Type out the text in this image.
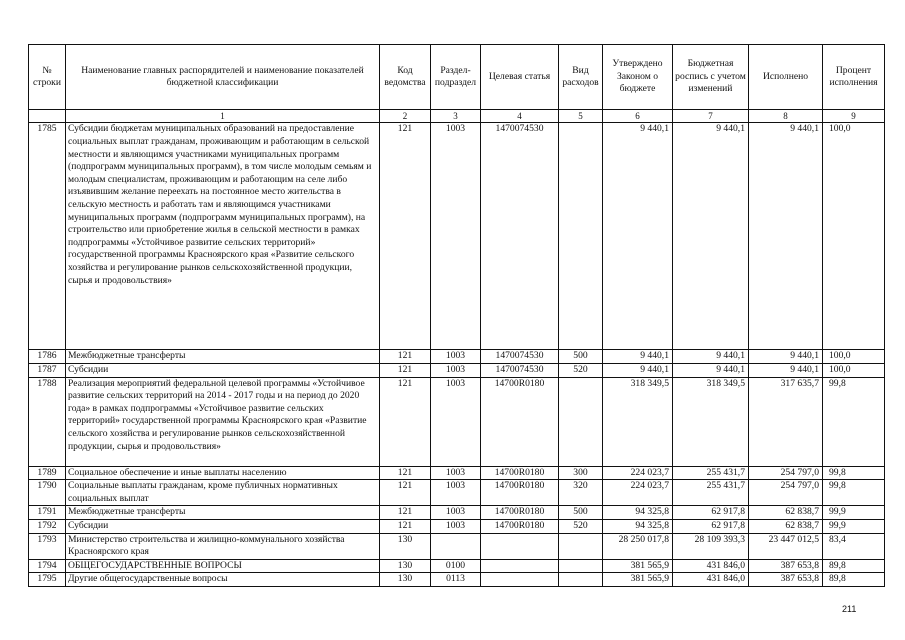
№ строки	Наименование главных распорядителей и наименование показателей бюджетной классификации	Код ведомства	Раздел-подраздел	Целевая статья	Вид расходов	Утверждено Законом о бюджете	Бюджетная роспись с учетом изменений	Исполнено	Процент исполнения
	1	2	3	4	5	6	7	8	9
1785	Субсидии бюджетам муниципальных образований на предоставление социальных выплат гражданам, проживающим и работающим в сельской местности и являющимся участниками муниципальных программ (подпрограмм муниципальных программ), в том числе молодым семьям и молодым специалистам, проживающим и работающим на селе либо изъявившим желание переехать на постоянное место жительства в сельскую местность и работать там и являющимся участниками муниципальных программ (подпрограмм муниципальных программ), на строительство или приобретение жилья в сельской местности в рамках подпрограммы «Устойчивое развитие сельских территорий» государственной программы Красноярского края «Развитие сельского хозяйства и регулирование рынков сельскохозяйственной продукции, сырья и продовольствия»	121	1003	1470074530		9 440,1	9 440,1	9 440,1	100,0
1786	Межбюджетные трансферты	121	1003	1470074530	500	9 440,1	9 440,1	9 440,1	100,0
1787	Субсидии	121	1003	1470074530	520	9 440,1	9 440,1	9 440,1	100,0
1788	Реализация мероприятий федеральной целевой программы «Устойчивое развитие сельских территорий на 2014 - 2017 годы и на период до 2020 года» в рамках подпрограммы «Устойчивое развитие сельских территорий» государственной программы Красноярского края «Развитие сельского хозяйства и регулирование рынков сельскохозяйственной продукции, сырья и продовольствия»	121	1003	14700R0180		318 349,5	318 349,5	317 635,7	99,8
1789	Социальное обеспечение и иные выплаты населению	121	1003	14700R0180	300	224 023,7	255 431,7	254 797,0	99,8
1790	Социальные выплаты гражданам, кроме публичных нормативных социальных выплат	121	1003	14700R0180	320	224 023,7	255 431,7	254 797,0	99,8
1791	Межбюджетные трансферты	121	1003	14700R0180	500	94 325,8	62 917,8	62 838,7	99,9
1792	Субсидии	121	1003	14700R0180	520	94 325,8	62 917,8	62 838,7	99,9
1793	Министерство строительства и жилищно-коммунального хозяйства Красноярского края	130				28 250 017,8	28 109 393,3	23 447 012,5	83,4
1794	ОБЩЕГОСУДАРСТВЕННЫЕ ВОПРОСЫ	130	0100			381 565,9	431 846,0	387 653,8	89,8
1795	Другие общегосударственные вопросы	130	0113			381 565,9	431 846,0	387 653,8	89,8
211
